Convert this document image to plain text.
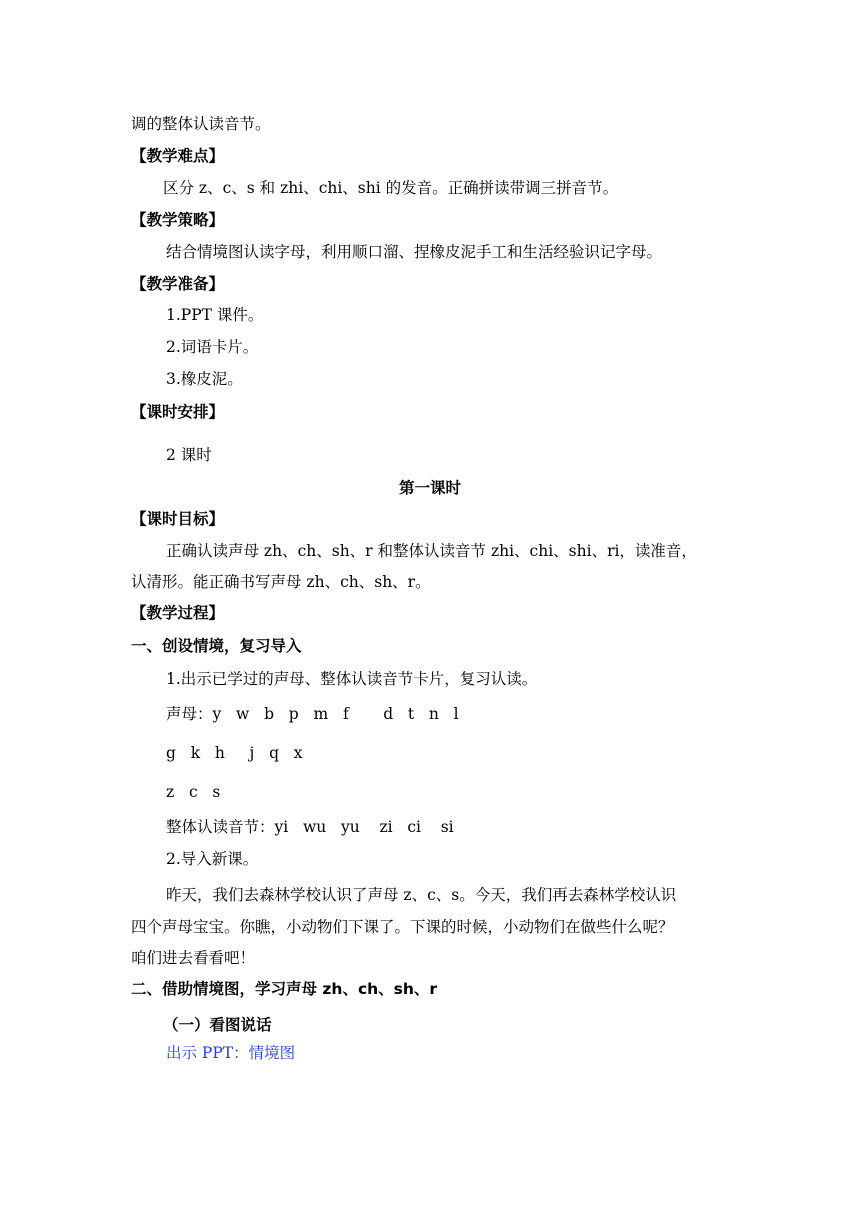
调的整体认读音节。
【教学难点】
区分 z、c、s 和 zhi、chi、shi 的发音。正确拼读带调三拼音节。
【教学策略】
结合情境图认读字母，利用顺口溜、捏橡皮泥手工和生活经验识记字母。
【教学准备】
1.PPT 课件。
2.词语卡片。
3.橡皮泥。
【课时安排】
2 课时
第一课时
【课时目标】
正确认读声母 zh、ch、sh、r 和整体认读音节 zhi、chi、shi、ri，读准音，
认清形。能正确书写声母 zh、ch、sh、r。
【教学过程】
一、创设情境，复习导入
1.出示已学过的声母、整体认读音节卡片，复习认读。
声母：y   w   b   p   m   f       d   t   n   l
g   k   h     j   q   x
z   c   s
整体认读音节：yi   wu   yu    zi   ci    si
2.导入新课。
昨天，我们去森林学校认识了声母 z、c、s。今天，我们再去森林学校认识
四个声母宝宝。你瞧，小动物们下课了。下课的时候，小动物们在做些什么呢？
咱们进去看看吧！
二、借助情境图，学习声母 zh、ch、sh、r
（一）看图说话
出示 PPT：情境图
